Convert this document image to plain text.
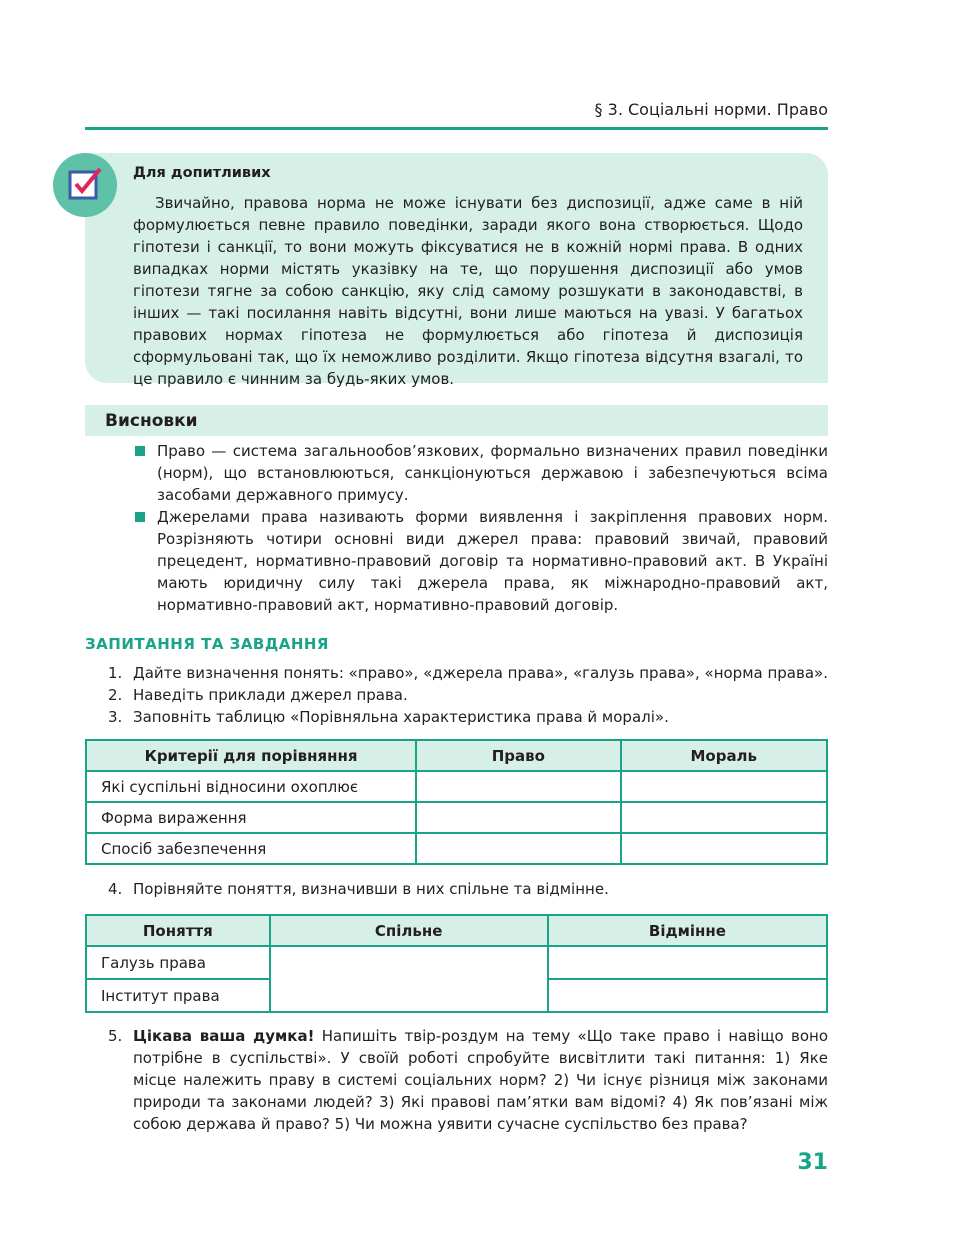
§ 3. Соціальні норми. Право
Для допитливих

Звичайно, правова норма не може існувати без диспозиції, адже саме в ній формулюється певне правило поведінки, заради якого вона створюється. Щодо гіпотези і санкції, то вони можуть фіксуватися не в кожній нормі права. В одних випадках норми містять указівку на те, що порушення диспозиції або умов гіпотези тягне за собою санкцію, яку слід самому розшукати в законодавстві, в інших — такі посилання навіть відсутні, вони лише маються на увазі. У багатьох правових нормах гіпотеза не формулюється або гіпотеза й диспозиція сформульовані так, що їх неможливо розділити. Якщо гіпотеза відсутня взагалі, то це правило є чинним за будь-яких умов.

Висновки
Право — система загальнообов’язкових, формально визначених правил поведінки (норм), що встановлюються, санкціонуються державою і забезпечуються всіма засобами державного примусу.
Джерелами права називають форми виявлення і закріплення правових норм. Розрізняють чотири основні види джерел права: правовий звичай, правовий прецедент, нормативно-правовий договір та нормативно-правовий акт. В Україні мають юридичну силу такі джерела права, як міжнародно-правовий акт, нормативно-правовий акт, нормативно-правовий договір.
ЗАПИТАННЯ ТА ЗАВДАННЯ
1. Дайте визначення понять: «право», «джерела права», «галузь права», «норма права».
2. Наведіть приклади джерел права.
3. Заповніть таблицю «Порівняльна характеристика права й моралі».
Критерії для порівняння	Право	Мораль
Які суспільні відносини охоплює		
Форма вираження		
Спосіб забезпечення		
4. Порівняйте поняття, визначивши в них спільне та відмінне.
Поняття	Спільне	Відмінне
Галузь права		
Інститут права		
5. Цікава ваша думка! Напишіть твір-роздум на тему «Що таке право і навіщо воно потрібне в суспільстві». У своїй роботі спробуйте висвітлити такі питання: 1) Яке місце належить праву в системі соціальних норм? 2) Чи існує різниця між законами природи та законами людей? 3) Які правові пам’ятки вам відомі? 4) Як пов’язані між собою держава й право? 5) Чи можна уявити сучасне суспільство без права?
31
